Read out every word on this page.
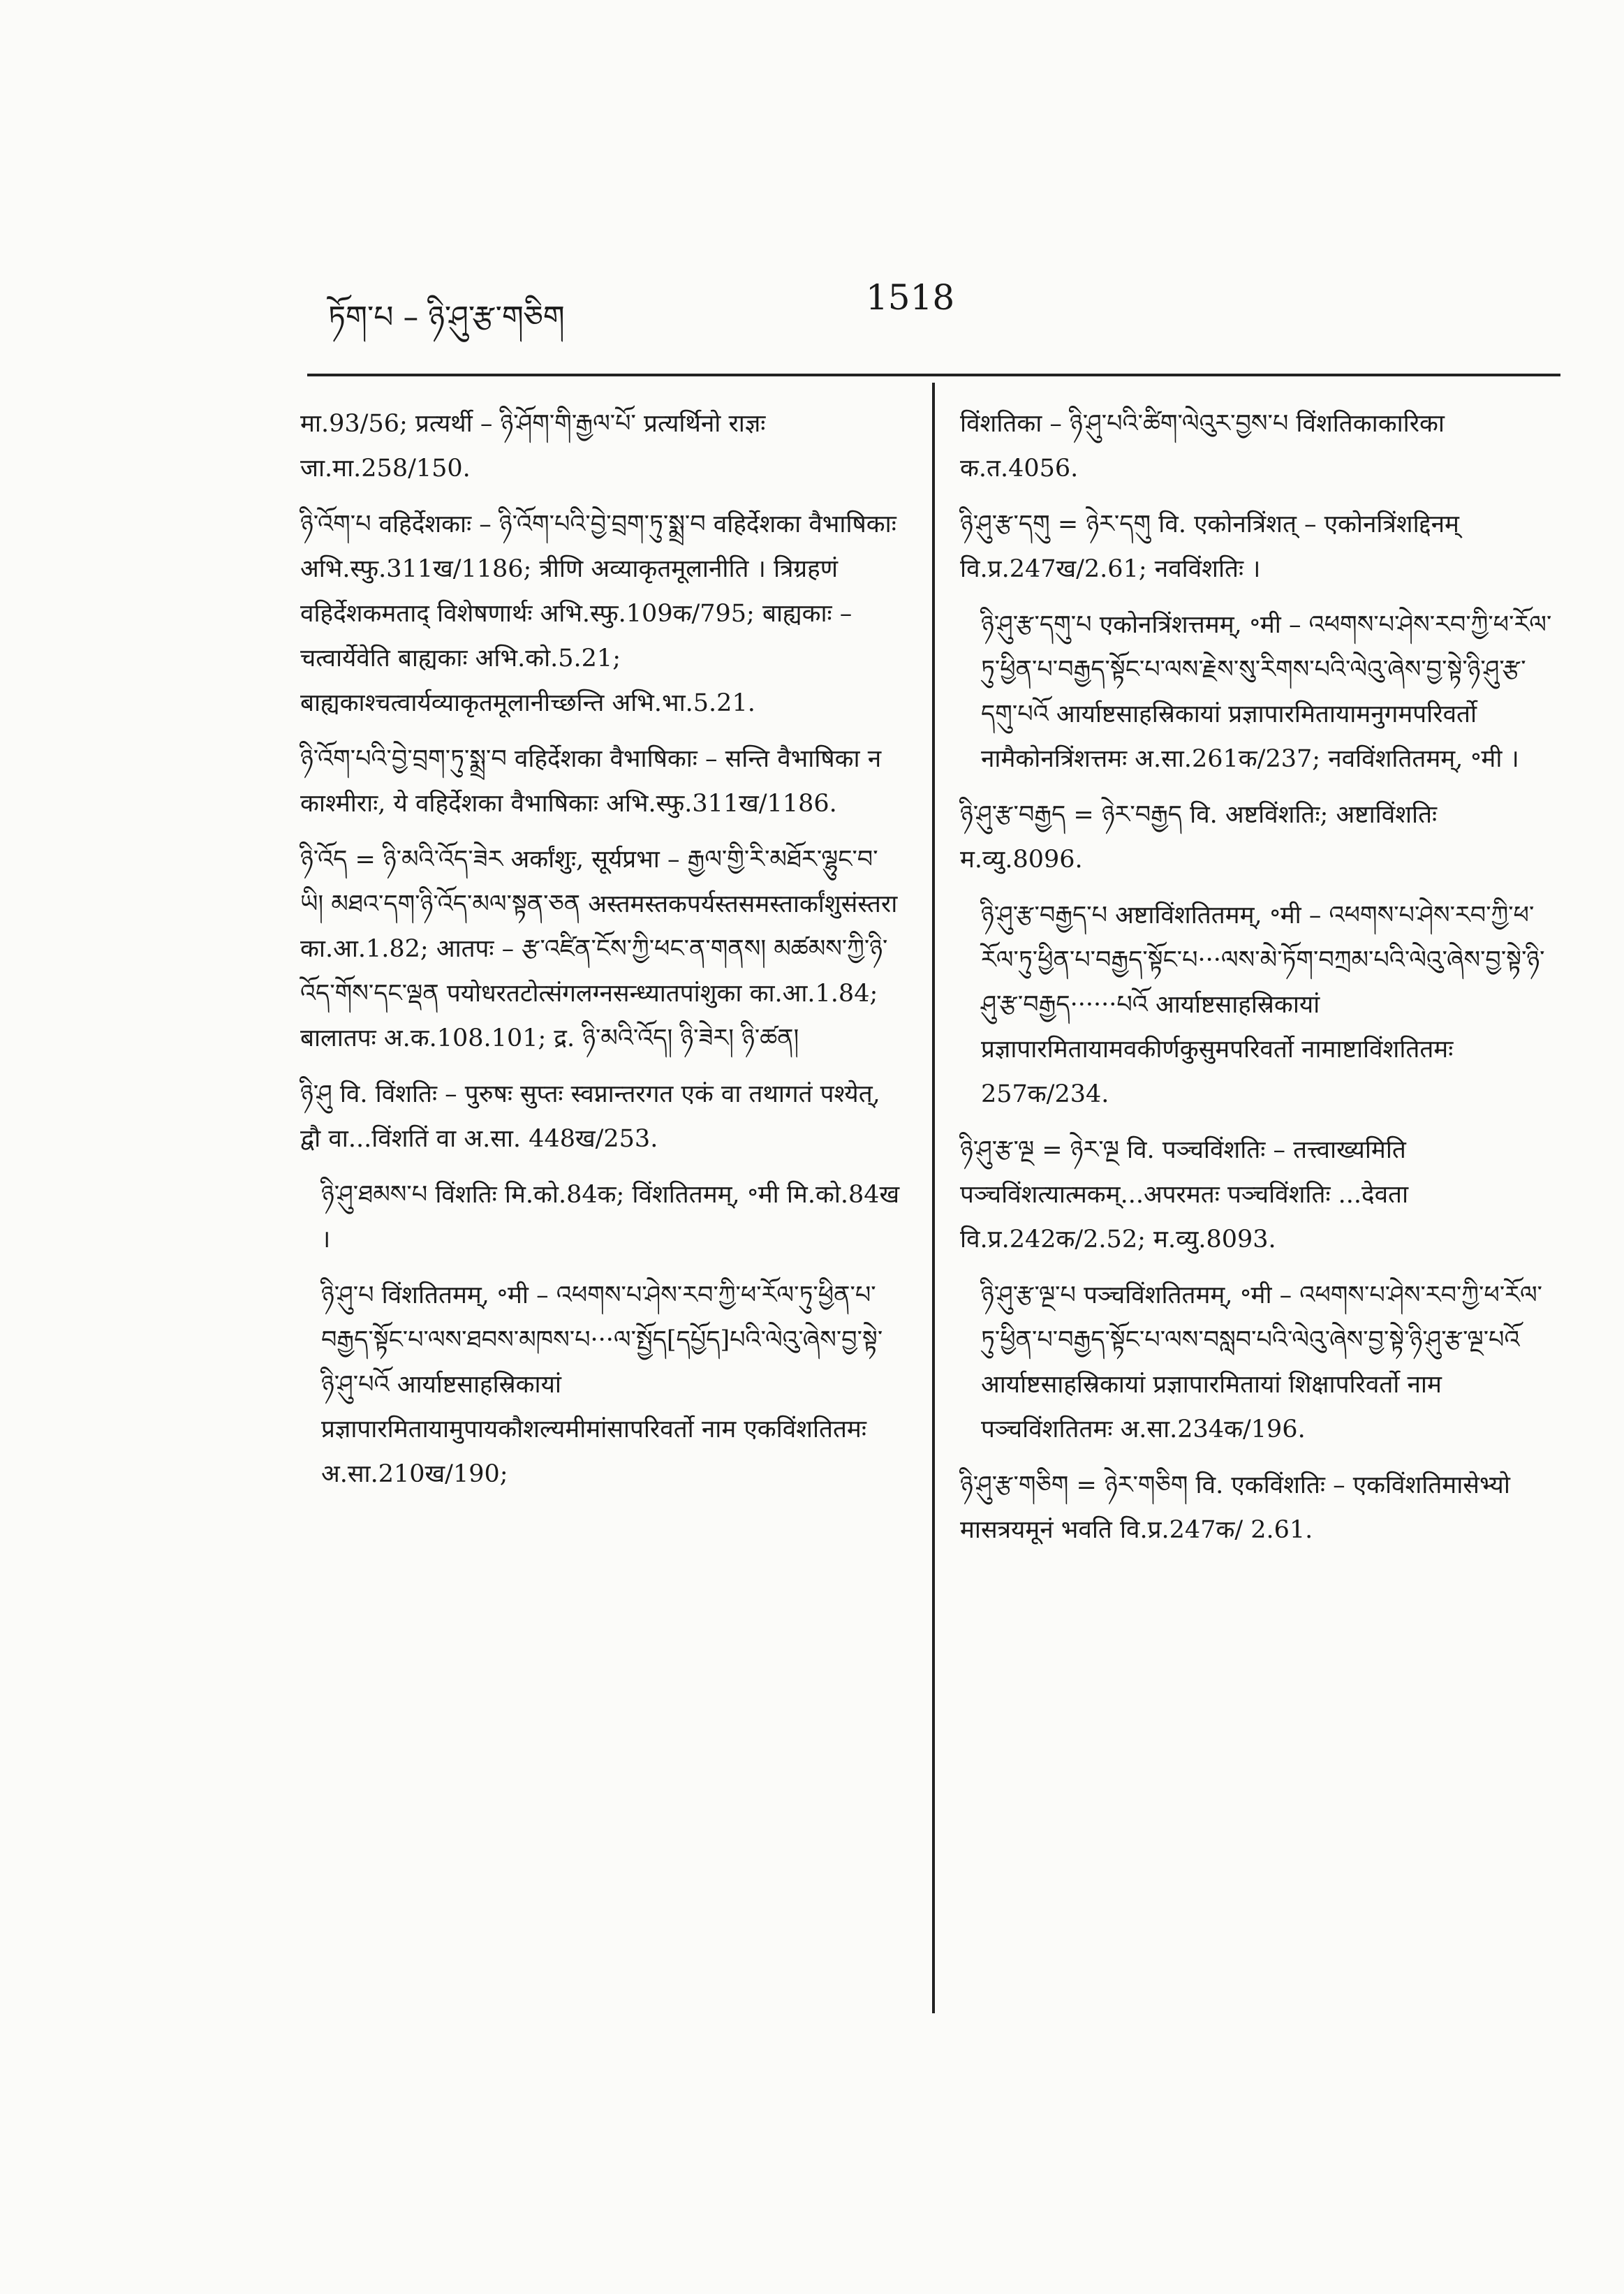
ཏོག་པ – ཉི་ཤུ་རྩ་གཅིག	1518

मा.93/56; प्रत्यर्थी – ཉི་ཤོག་གི་རྒྱལ་པོ་ प्रत्यर्थिनो राज्ञः जा.मा.258/150.

ཉི་འོག་པ वहिर्देशकाः – ཉི་འོག་པའི་བྱེ་བྲག་ཏུ་སྨྲ་བ वहिर्देशका वैभाषिकाः अभि.स्फु.311ख/1186; त्रीणि अव्याकृतमूलानीति । त्रिग्रहणं वहिर्देशकमताद् विशेषणार्थः अभि.स्फु.109क/795; बाह्यकाः – चत्वार्येवेति बाह्यकाः अभि.को.5.21; बाह्यकाश्चत्वार्यव्याकृतमूलानीच्छन्ति अभि.भा.5.21.

ཉི་འོག་པའི་བྱེ་བྲག་ཏུ་སྨྲ་བ वहिर्देशका वैभाषिकाः – सन्ति वैभाषिका न काश्मीराः, ये वहिर्देशका वैभाषिकाः अभि.स्फु.311ख/1186.

ཉི་འོད = ཉི་མའི་འོད་ཟེར अर्कांशुः, सूर्यप्रभा – རྒྱལ་གྱི་རི་མཐོར་ལྷུང་བ་ཡི། མཐའ་དག་ཉི་འོད་མལ་སྟན་ཅན अस्तमस्तकपर्यस्तसमस्तार्कांशुसंस्तरा का.आ.1.82; आतपः – རྩ་འཛིན་ངོས་ཀྱི་ཕང་ན་གནས། མཚམས་ཀྱི་ཉི་འོད་གོས་དང་ལྡན पयोधरतटोत्संगलग्नसन्ध्यातपांशुका का.आ.1.84; बालातपः अ.क.108.101; द्र. ཉི་མའི་འོད། ཉི་ཟེར། ཉི་ཚན།

ཉི་ཤུ वि. विंशतिः – पुरुषः सुप्तः स्वप्नान्तरगत एकं वा तथागतं पश्येत्, द्वौ वा...विंशतिं वा अ.सा. 448ख/253.

ཉི་ཤུ་ཐམས་པ विंशतिः मि.को.84क; विंशतितमम्, ॰मी मि.को.84ख ।

ཉི་ཤུ་པ विंशतितमम्, ॰मी – འཕགས་པ་ཤེས་རབ་ཀྱི་ཕ་རོལ་ཏུ་ཕྱིན་པ་བརྒྱད་སྟོང་པ་ལས་ཐབས་མཁས་པ···ལ་སྤྱོད[དཔྱོད]པའི་ལེའུ་ཞེས་བྱ་སྟེ་ཉི་ཤུ་པའོ आर्याष्टसाहस्रिकायां प्रज्ञापारमितायामुपायकौशल्यमीमांसापरिवर्तो नाम एकविंशतितमः अ.सा.210ख/190;

विंशतिका – ཉི་ཤུ་པའི་ཚིག་ལེའུར་བྱས་པ विंशतिकाकारिका क.त.4056.

ཉི་ཤུ་རྩ་དགུ = ཉེར་དགུ वि. एकोनत्रिंशत् – एकोनत्रिंशद्दिनम् वि.प्र.247ख/2.61; नवविंशतिः ।

ཉི་ཤུ་རྩ་དགུ་པ एकोनत्रिंशत्तमम्, ॰मी – འཕགས་པ་ཤེས་རབ་ཀྱི་ཕ་རོལ་ཏུ་ཕྱིན་པ་བརྒྱད་སྟོང་པ་ལས་རྗེས་སུ་རིགས་པའི་ལེའུ་ཞེས་བྱ་སྟེ་ཉི་ཤུ་རྩ་དགུ་པའོ आर्याष्टसाहस्रिकायां प्रज्ञापारमितायामनुगमपरिवर्तो नामैकोनत्रिंशत्तमः अ.सा.261क/237; नवविंशतितमम्, ॰मी ।

ཉི་ཤུ་རྩ་བརྒྱད = ཉེར་བརྒྱད वि. अष्टविंशतिः; अष्टाविंशतिः म.व्यु.8096.

ཉི་ཤུ་རྩ་བརྒྱད་པ अष्टाविंशतितमम्, ॰मी – འཕགས་པ་ཤེས་རབ་ཀྱི་ཕ་རོལ་ཏུ་ཕྱིན་པ་བརྒྱད་སྟོང་པ···ལས་མེ་ཏོག་བཀྲམ་པའི་ལེའུ་ཞེས་བྱ་སྟེ་ཉི་ཤུ་རྩ་བརྒྱད······པའོ आर्याष्टसाहस्रिकायां प्रज्ञापारमितायामवकीर्णकुसुमपरिवर्तो नामाष्टाविंशतितमः 257क/234.

ཉི་ཤུ་རྩ་ལྔ = ཉེར་ལྔ वि. पञ्चविंशतिः – तत्त्वाख्यमिति पञ्चविंशत्यात्मकम्...अपरमतः पञ्चविंशतिः ...देवता वि.प्र.242क/2.52; म.व्यु.8093.

ཉི་ཤུ་རྩ་ལྔ་པ पञ्चविंशतितमम्, ॰मी – འཕགས་པ་ཤེས་རབ་ཀྱི་ཕ་རོལ་ཏུ་ཕྱིན་པ་བརྒྱད་སྟོང་པ་ལས་བསླབ་པའི་ལེའུ་ཞེས་བྱ་སྟེ་ཉི་ཤུ་རྩ་ལྔ་པའོ आर्याष्टसाहस्रिकायां प्रज्ञापारमितायां शिक्षापरिवर्तो नाम पञ्चविंशतितमः अ.सा.234क/196.

ཉི་ཤུ་རྩ་གཅིག = ཉེར་གཅིག वि. एकविंशतिः – एकविंशतिमासेभ्यो मासत्रयमूनं भवति वि.प्र.247क/ 2.61.
